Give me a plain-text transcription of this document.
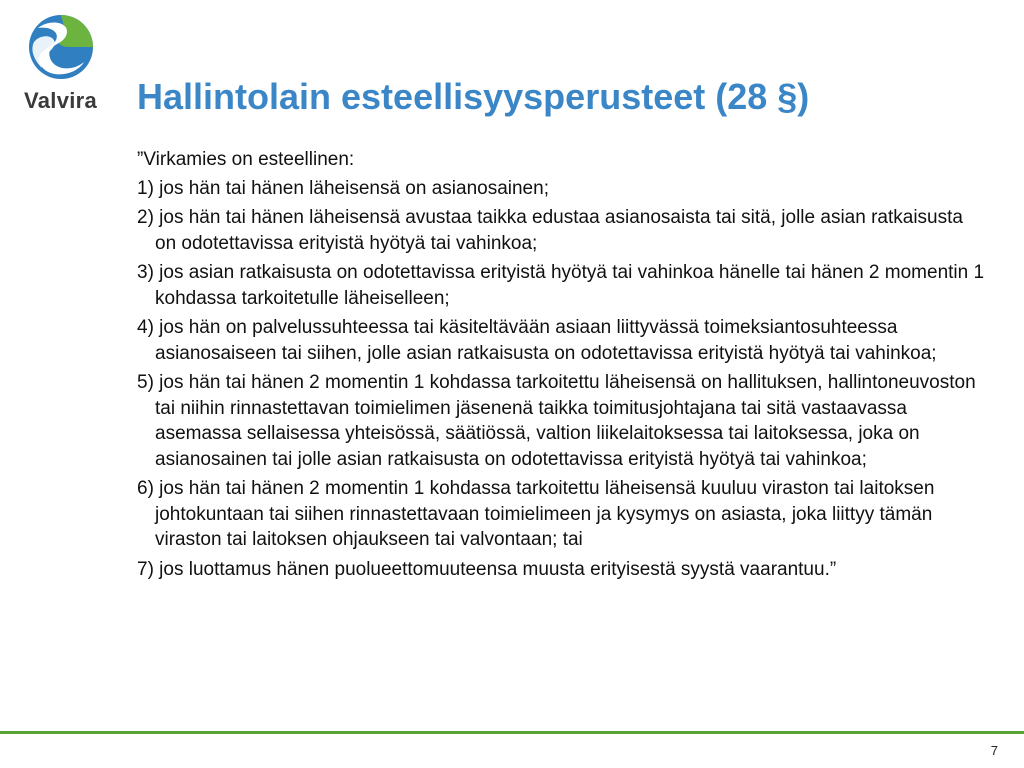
Valvira Hallintolain esteellisyysperusteet (28 §)

”Virkamies on esteellinen:

1) jos hän tai hänen läheisensä on asianosainen;
2) jos hän tai hänen läheisensä avustaa taikka edustaa asianosaista tai sitä, jolle asian ratkaisusta on odotettavissa erityistä hyötyä tai vahinkoa;
3) jos asian ratkaisusta on odotettavissa erityistä hyötyä tai vahinkoa hänelle tai hänen 2 momentin 1 kohdassa tarkoitetulle läheiselleen;
4) jos hän on palvelussuhteessa tai käsiteltävään asiaan liittyvässä toimeksiantosuhteessa asianosaiseen tai siihen, jolle asian ratkaisusta on odotettavissa erityistä hyötyä tai vahinkoa;
5) jos hän tai hänen 2 momentin 1 kohdassa tarkoitettu läheisensä on hallituksen, hallintoneuvoston tai niihin rinnastettavan toimielimen jäsenenä taikka toimitusjohtajana tai sitä vastaavassa asemassa sellaisessa yhteisössä, säätiössä, valtion liikelaitoksessa tai laitoksessa, joka on asianosainen tai jolle asian ratkaisusta on odotettavissa erityistä hyötyä tai vahinkoa;
6) jos hän tai hänen 2 momentin 1 kohdassa tarkoitettu läheisensä kuuluu viraston tai laitoksen johtokuntaan tai siihen rinnastettavaan toimielimeen ja kysymys on asiasta, joka liittyy tämän viraston tai laitoksen ohjaukseen tai valvontaan; tai
7) jos luottamus hänen puolueettomuuteensa muusta erityisestä syystä vaarantuu.”
7
